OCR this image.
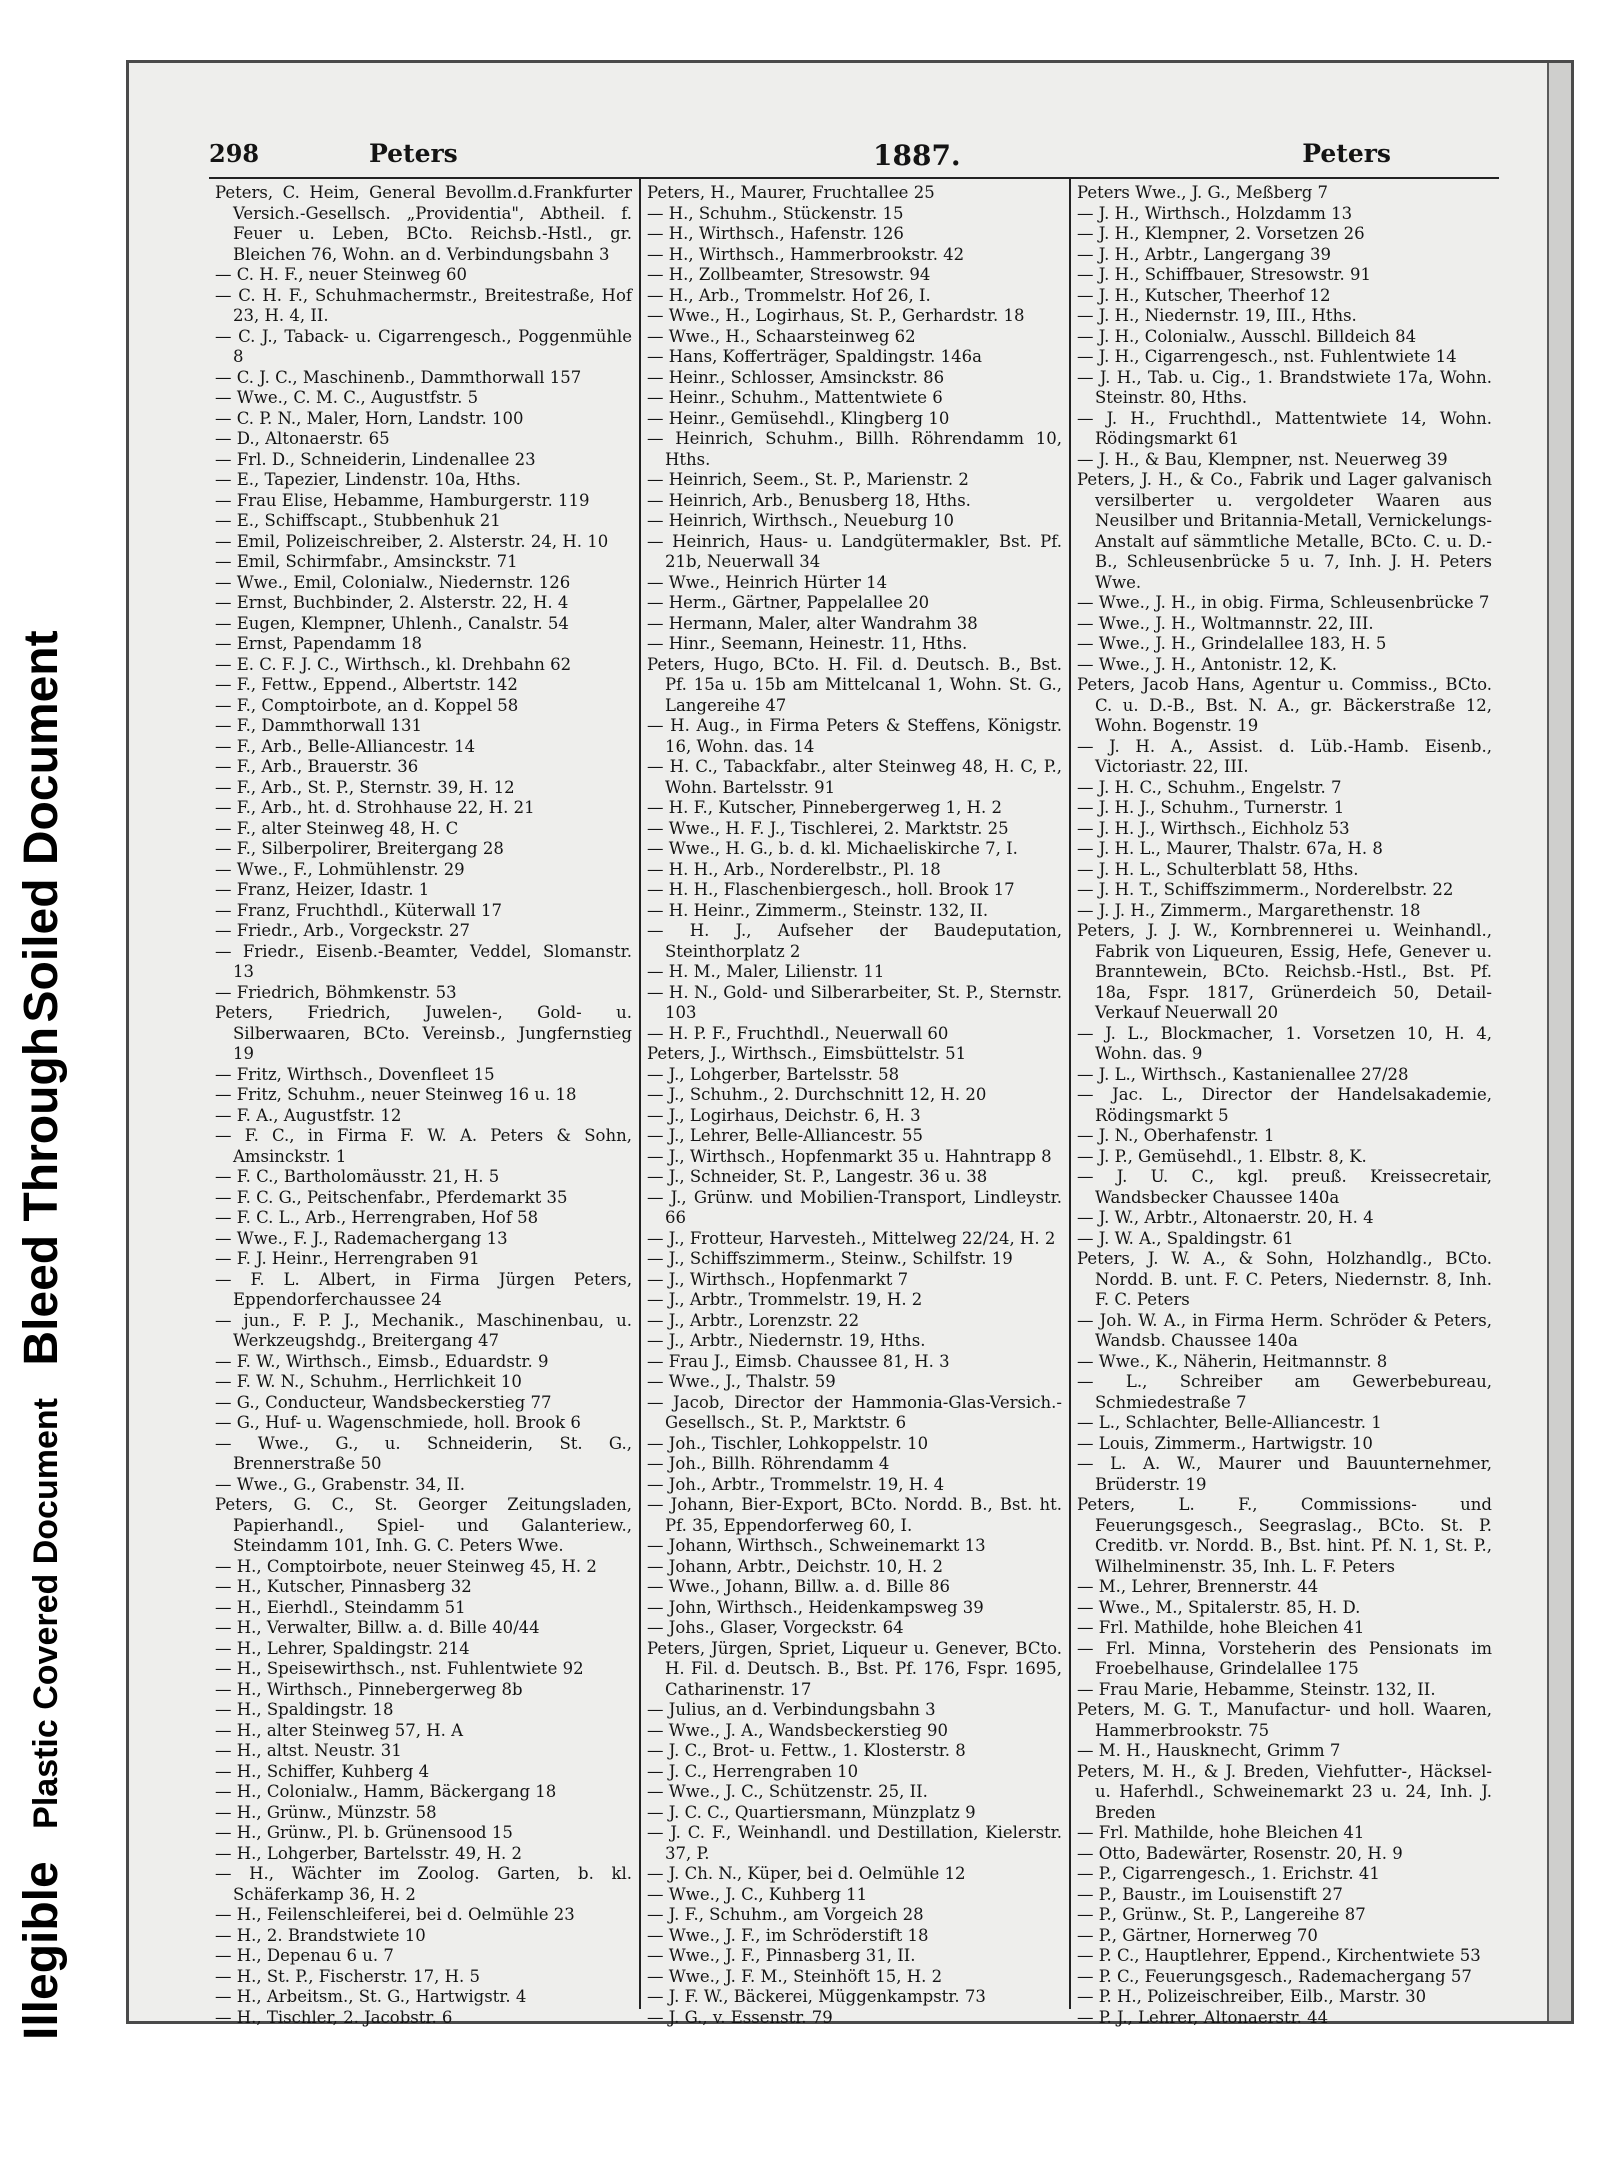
Illegible Plastic Covered Document Bleed Through Soiled Document
298	Peters	1887.	Peters
Peters, C. Heim, General Bevollm.d.Frankfurter Versich.-Gesellsch. „Providentia", Abtheil. f. Feuer u. Leben, BCto. Reichsb.-Hstl., gr. Bleichen 76, Wohn. an d. Verbindungsbahn 3
— C. H. F., neuer Steinweg 60
— C. H. F., Schuhmachermstr., Breitestraße, Hof 23, H. 4, II.
— C. J., Taback- u. Cigarrengesch., Poggenmühle 8
— C. J. C., Maschinenb., Dammthorwall 157
— Wwe., C. M. C., Augustfstr. 5
— C. P. N., Maler, Horn, Landstr. 100
— D., Altonaerstr. 65
— Frl. D., Schneiderin, Lindenallee 23
— E., Tapezier, Lindenstr. 10a, Hths.
— Frau Elise, Hebamme, Hamburgerstr. 119
— E., Schiffscapt., Stubbenhuk 21
— Emil, Polizeischreiber, 2. Alsterstr. 24, H. 10
— Emil, Schirmfabr., Amsinckstr. 71
— Wwe., Emil, Colonialw., Niedernstr. 126
— Ernst, Buchbinder, 2. Alsterstr. 22, H. 4
— Eugen, Klempner, Uhlenh., Canalstr. 54
— Ernst, Papendamm 18
— E. C. F. J. C., Wirthsch., kl. Drehbahn 62
— F., Fettw., Eppend., Albertstr. 142
— F., Comptoirbote, an d. Koppel 58
— F., Dammthorwall 131
— F., Arb., Belle-Alliancestr. 14
— F., Arb., Brauerstr. 36
— F., Arb., St. P., Sternstr. 39, H. 12
— F., Arb., ht. d. Strohhause 22, H. 21
— F., alter Steinweg 48, H. C
— F., Silberpolirer, Breitergang 28
— Wwe., F., Lohmühlenstr. 29
— Franz, Heizer, Idastr. 1
— Franz, Fruchthdl., Küterwall 17
— Friedr., Arb., Vorgeckstr. 27
— Friedr., Eisenb.-Beamter, Veddel, Slomanstr. 13
— Friedrich, Böhmkenstr. 53
Peters, Friedrich, Juwelen-, Gold- u. Silberwaaren, BCto. Vereinsb., Jungfernstieg 19
— Fritz, Wirthsch., Dovenfleet 15
— Fritz, Schuhm., neuer Steinweg 16 u. 18
— F. A., Augustfstr. 12
— F. C., in Firma F. W. A. Peters & Sohn, Amsinckstr. 1
— F. C., Bartholomäusstr. 21, H. 5
— F. C. G., Peitschenfabr., Pferdemarkt 35
— F. C. L., Arb., Herrengraben, Hof 58
— Wwe., F. J., Rademachergang 13
— F. J. Heinr., Herrengraben 91
— F. L. Albert, in Firma Jürgen Peters, Eppendorferchaussee 24
— jun., F. P. J., Mechanik., Maschinenbau, u. Werkzeugshdg., Breitergang 47
— F. W., Wirthsch., Eimsb., Eduardstr. 9
— F. W. N., Schuhm., Herrlichkeit 10
— G., Conducteur, Wandsbeckerstieg 77
— G., Huf- u. Wagenschmiede, holl. Brook 6
— Wwe., G., u. Schneiderin, St. G., Brennerstraße 50
— Wwe., G., Grabenstr. 34, II.
Peters, G. C., St. Georger Zeitungsladen, Papierhandl., Spiel- und Galanteriew., Steindamm 101, Inh. G. C. Peters Wwe.
— H., Comptoirbote, neuer Steinweg 45, H. 2
— H., Kutscher, Pinnasberg 32
— H., Eierhdl., Steindamm 51
— H., Verwalter, Billw. a. d. Bille 40/44
— H., Lehrer, Spaldingstr. 214
— H., Speisewirthsch., nst. Fuhlentwiete 92
— H., Wirthsch., Pinnebergerweg 8b
— H., Spaldingstr. 18
— H., alter Steinweg 57, H. A
— H., altst. Neustr. 31
— H., Schiffer, Kuhberg 4
— H., Colonialw., Hamm, Bäckergang 18
— H., Grünw., Münzstr. 58
— H., Grünw., Pl. b. Grünensood 15
— H., Lohgerber, Bartelsstr. 49, H. 2
— H., Wächter im Zoolog. Garten, b. kl. Schäferkamp 36, H. 2
— H., Feilenschleiferei, bei d. Oelmühle 23
— H., 2. Brandstwiete 10
— H., Depenau 6 u. 7
— H., St. P., Fischerstr. 17, H. 5
— H., Arbeitsm., St. G., Hartwigstr. 4
— H., Tischler, 2. Jacobstr. 6
Peters, H., Maurer, Fruchtallee 25
— H., Schuhm., Stückenstr. 15
— H., Wirthsch., Hafenstr. 126
— H., Wirthsch., Hammerbrookstr. 42
— H., Zollbeamter, Stresowstr. 94
— H., Arb., Trommelstr. Hof 26, I.
— Wwe., H., Logirhaus, St. P., Gerhardstr. 18
— Wwe., H., Schaarsteinweg 62
— Hans, Kofferträger, Spaldingstr. 146a
— Heinr., Schlosser, Amsinckstr. 86
— Heinr., Schuhm., Mattentwiete 6
— Heinr., Gemüsehdl., Klingberg 10
— Heinrich, Schuhm., Billh. Röhrendamm 10, Hths.
— Heinrich, Seem., St. P., Marienstr. 2
— Heinrich, Arb., Benusberg 18, Hths.
— Heinrich, Wirthsch., Neueburg 10
— Heinrich, Haus- u. Landgütermakler, Bst. Pf. 21b, Neuerwall 34
— Wwe., Heinrich Hürter 14
— Herm., Gärtner, Pappelallee 20
— Hermann, Maler, alter Wandrahm 38
— Hinr., Seemann, Heinestr. 11, Hths.
Peters, Hugo, BCto. H. Fil. d. Deutsch. B., Bst. Pf. 15a u. 15b am Mittelcanal 1, Wohn. St. G., Langereihe 47
— H. Aug., in Firma Peters & Steffens, Königstr. 16, Wohn. das. 14
— H. C., Tabackfabr., alter Steinweg 48, H. C, P., Wohn. Bartelsstr. 91
— H. F., Kutscher, Pinnebergerweg 1, H. 2
— Wwe., H. F. J., Tischlerei, 2. Marktstr. 25
— Wwe., H. G., b. d. kl. Michaeliskirche 7, I.
— H. H., Arb., Norderelbstr., Pl. 18
— H. H., Flaschenbiergesch., holl. Brook 17
— H. Heinr., Zimmerm., Steinstr. 132, II.
— H. J., Aufseher der Baudeputation, Steinthorplatz 2
— H. M., Maler, Lilienstr. 11
— H. N., Gold- und Silberarbeiter, St. P., Sternstr. 103
— H. P. F., Fruchthdl., Neuerwall 60
Peters, J., Wirthsch., Eimsbüttelstr. 51
— J., Lohgerber, Bartelsstr. 58
— J., Schuhm., 2. Durchschnitt 12, H. 20
— J., Logirhaus, Deichstr. 6, H. 3
— J., Lehrer, Belle-Alliancestr. 55
— J., Wirthsch., Hopfenmarkt 35 u. Hahntrapp 8
— J., Schneider, St. P., Langestr. 36 u. 38
— J., Grünw. und Mobilien-Transport, Lindleystr. 66
— J., Frotteur, Harvesteh., Mittelweg 22/24, H. 2
— J., Schiffszimmerm., Steinw., Schilfstr. 19
— J., Wirthsch., Hopfenmarkt 7
— J., Arbtr., Trommelstr. 19, H. 2
— J., Arbtr., Lorenzstr. 22
— J., Arbtr., Niedernstr. 19, Hths.
— Frau J., Eimsb. Chaussee 81, H. 3
— Wwe., J., Thalstr. 59
— Jacob, Director der Hammonia-Glas-Versich.-Gesellsch., St. P., Marktstr. 6
— Joh., Tischler, Lohkoppelstr. 10
— Joh., Billh. Röhrendamm 4
— Joh., Arbtr., Trommelstr. 19, H. 4
— Johann, Bier-Export, BCto. Nordd. B., Bst. ht. Pf. 35, Eppendorferweg 60, I.
— Johann, Wirthsch., Schweinemarkt 13
— Johann, Arbtr., Deichstr. 10, H. 2
— Wwe., Johann, Billw. a. d. Bille 86
— John, Wirthsch., Heidenkampsweg 39
— Johs., Glaser, Vorgeckstr. 64
Peters, Jürgen, Spriet, Liqueur u. Genever, BCto. H. Fil. d. Deutsch. B., Bst. Pf. 176, Fspr. 1695, Catharinenstr. 17
— Julius, an d. Verbindungsbahn 3
— Wwe., J. A., Wandsbeckerstieg 90
— J. C., Brot- u. Fettw., 1. Klosterstr. 8
— J. C., Herrengraben 10
— Wwe., J. C., Schützenstr. 25, II.
— J. C. C., Quartiersmann, Münzplatz 9
— J. C. F., Weinhandl. und Destillation, Kielerstr. 37, P.
— J. Ch. N., Küper, bei d. Oelmühle 12
— Wwe., J. C., Kuhberg 11
— J. F., Schuhm., am Vorgeich 28
— Wwe., J. F., im Schröderstift 18
— Wwe., J. F., Pinnasberg 31, II.
— Wwe., J. F. M., Steinhöft 15, H. 2
— J. F. W., Bäckerei, Müggenkampstr. 73
— J. G., v. Essenstr. 79
Peters Wwe., J. G., Meßberg 7
— J. H., Wirthsch., Holzdamm 13
— J. H., Klempner, 2. Vorsetzen 26
— J. H., Arbtr., Langergang 39
— J. H., Schiffbauer, Stresowstr. 91
— J. H., Kutscher, Theerhof 12
— J. H., Niedernstr. 19, III., Hths.
— J. H., Colonialw., Ausschl. Billdeich 84
— J. H., Cigarrengesch., nst. Fuhlentwiete 14
— J. H., Tab. u. Cig., 1. Brandstwiete 17a, Wohn. Steinstr. 80, Hths.
— J. H., Fruchthdl., Mattentwiete 14, Wohn. Rödingsmarkt 61
— J. H., & Bau, Klempner, nst. Neuerweg 39
Peters, J. H., & Co., Fabrik und Lager galvanisch versilberter u. vergoldeter Waaren aus Neusilber und Britannia-Metall, Vernickelungs-Anstalt auf sämmtliche Metalle, BCto. C. u. D.-B., Schleusenbrücke 5 u. 7, Inh. J. H. Peters Wwe.
— Wwe., J. H., in obig. Firma, Schleusenbrücke 7
— Wwe., J. H., Woltmannstr. 22, III.
— Wwe., J. H., Grindelallee 183, H. 5
— Wwe., J. H., Antonistr. 12, K.
Peters, Jacob Hans, Agentur u. Commiss., BCto. C. u. D.-B., Bst. N. A., gr. Bäckerstraße 12, Wohn. Bogenstr. 19
— J. H. A., Assist. d. Lüb.-Hamb. Eisenb., Victoriastr. 22, III.
— J. H. C., Schuhm., Engelstr. 7
— J. H. J., Schuhm., Turnerstr. 1
— J. H. J., Wirthsch., Eichholz 53
— J. H. L., Maurer, Thalstr. 67a, H. 8
— J. H. L., Schulterblatt 58, Hths.
— J. H. T., Schiffszimmerm., Norderelbstr. 22
— J. J. H., Zimmerm., Margarethenstr. 18
Peters, J. J. W., Kornbrennerei u. Weinhandl., Fabrik von Liqueuren, Essig, Hefe, Genever u. Branntewein, BCto. Reichsb.-Hstl., Bst. Pf. 18a, Fspr. 1817, Grünerdeich 50, Detail-Verkauf Neuerwall 20
— J. L., Blockmacher, 1. Vorsetzen 10, H. 4, Wohn. das. 9
— J. L., Wirthsch., Kastanienallee 27/28
— Jac. L., Director der Handelsakademie, Rödingsmarkt 5
— J. N., Oberhafenstr. 1
— J. P., Gemüsehdl., 1. Elbstr. 8, K.
— J. U. C., kgl. preuß. Kreissecretair, Wandsbecker Chaussee 140a
— J. W., Arbtr., Altonaerstr. 20, H. 4
— J. W. A., Spaldingstr. 61
Peters, J. W. A., & Sohn, Holzhandlg., BCto. Nordd. B. unt. F. C. Peters, Niedernstr. 8, Inh. F. C. Peters
— Joh. W. A., in Firma Herm. Schröder & Peters, Wandsb. Chaussee 140a
— Wwe., K., Näherin, Heitmannstr. 8
— L., Schreiber am Gewerbebureau, Schmiedestraße 7
— L., Schlachter, Belle-Alliancestr. 1
— Louis, Zimmerm., Hartwigstr. 10
— L. A. W., Maurer und Bauunternehmer, Brüderstr. 19
Peters, L. F., Commissions- und Feuerungsgesch., Seegraslag., BCto. St. P. Creditb. vr. Nordd. B., Bst. hint. Pf. N. 1, St. P., Wilhelminenstr. 35, Inh. L. F. Peters
— M., Lehrer, Brennerstr. 44
— Wwe., M., Spitalerstr. 85, H. D.
— Frl. Mathilde, hohe Bleichen 41
— Frl. Minna, Vorsteherin des Pensionats im Froebelhause, Grindelallee 175
— Frau Marie, Hebamme, Steinstr. 132, II.
Peters, M. G. T., Manufactur- und holl. Waaren, Hammerbrookstr. 75
— M. H., Hausknecht, Grimm 7
Peters, M. H., & J. Breden, Viehfutter-, Häcksel- u. Haferhdl., Schweinemarkt 23 u. 24, Inh. J. Breden
— Frl. Mathilde, hohe Bleichen 41
— Otto, Badewärter, Rosenstr. 20, H. 9
— P., Cigarrengesch., 1. Erichstr. 41
— P., Baustr., im Louisenstift 27
— P., Grünw., St. P., Langereihe 87
— P., Gärtner, Hornerweg 70
— P. C., Hauptlehrer, Eppend., Kirchentwiete 53
— P. C., Feuerungsgesch., Rademachergang 57
— P. H., Polizeischreiber, Eilb., Marstr. 30
— P. J., Lehrer, Altonaerstr. 44
